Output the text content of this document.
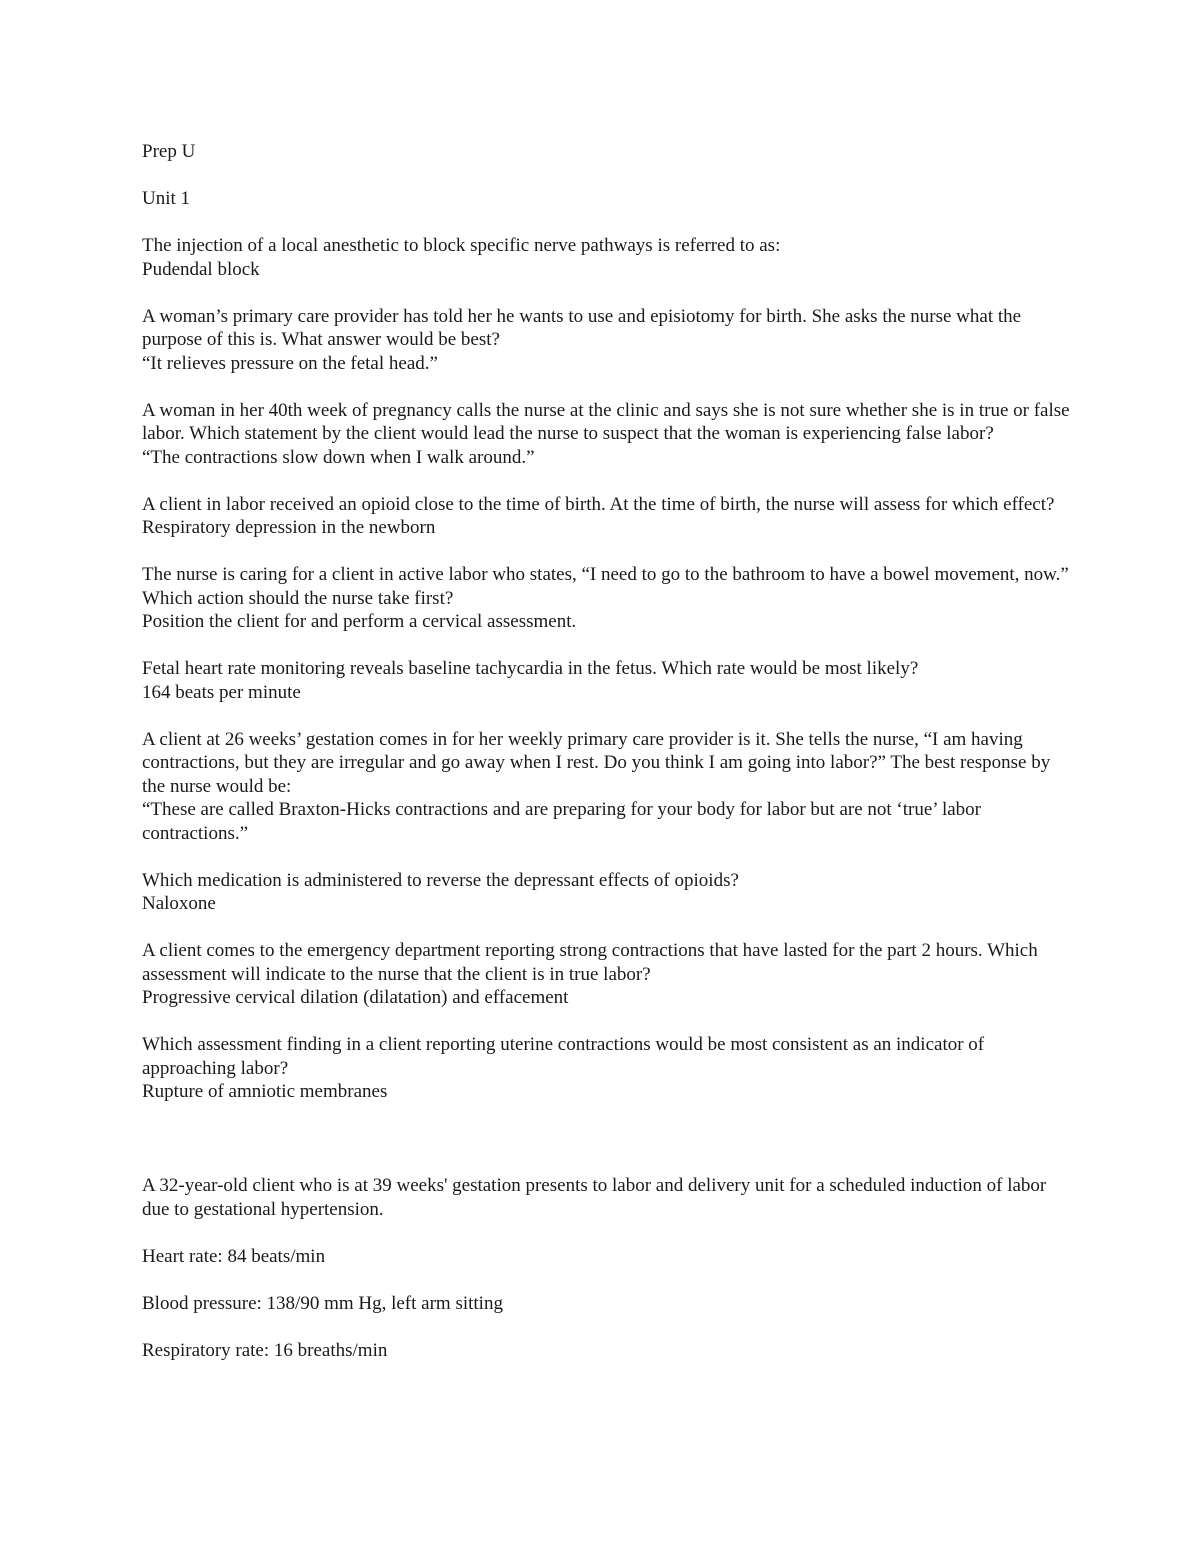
Prep U

Unit 1

The injection of a local anesthetic to block specific nerve pathways is referred to as:
Pudendal block
A woman’s primary care provider has told her he wants to use and episiotomy for birth. She asks the nurse what the purpose of this is. What answer would be best?
“It relieves pressure on the fetal head.”
A woman in her 40th week of pregnancy calls the nurse at the clinic and says she is not sure whether she is in true or false labor. Which statement by the client would lead the nurse to suspect that the woman is experiencing false labor?
“The contractions slow down when I walk around.”
A client in labor received an opioid close to the time of birth. At the time of birth, the nurse will assess for which effect?
Respiratory depression in the newborn
The nurse is caring for a client in active labor who states, “I need to go to the bathroom to have a bowel movement, now.” Which action should the nurse take first?
Position the client for and perform a cervical assessment.
Fetal heart rate monitoring reveals baseline tachycardia in the fetus. Which rate would be most likely?
164 beats per minute
A client at 26 weeks’ gestation comes in for her weekly primary care provider is it. She tells the nurse, “I am having contractions, but they are irregular and go away when I rest. Do you think I am going into labor?” The best response by the nurse would be:
“These are called Braxton-Hicks contractions and are preparing for your body for labor but are not ‘true’ labor contractions.”
Which medication is administered to reverse the depressant effects of opioids?
Naloxone
A client comes to the emergency department reporting strong contractions that have lasted for the part 2 hours. Which assessment will indicate to the nurse that the client is in true labor?
Progressive cervical dilation (dilatation) and effacement
Which assessment finding in a client reporting uterine contractions would be most consistent as an indicator of approaching labor?
Rupture of amniotic membranes

A 32-year-old client who is at 39 weeks' gestation presents to labor and delivery unit for a scheduled induction of labor due to gestational hypertension.

Heart rate: 84 beats/min

Blood pressure: 138/90 mm Hg, left arm sitting

Respiratory rate: 16 breaths/min
